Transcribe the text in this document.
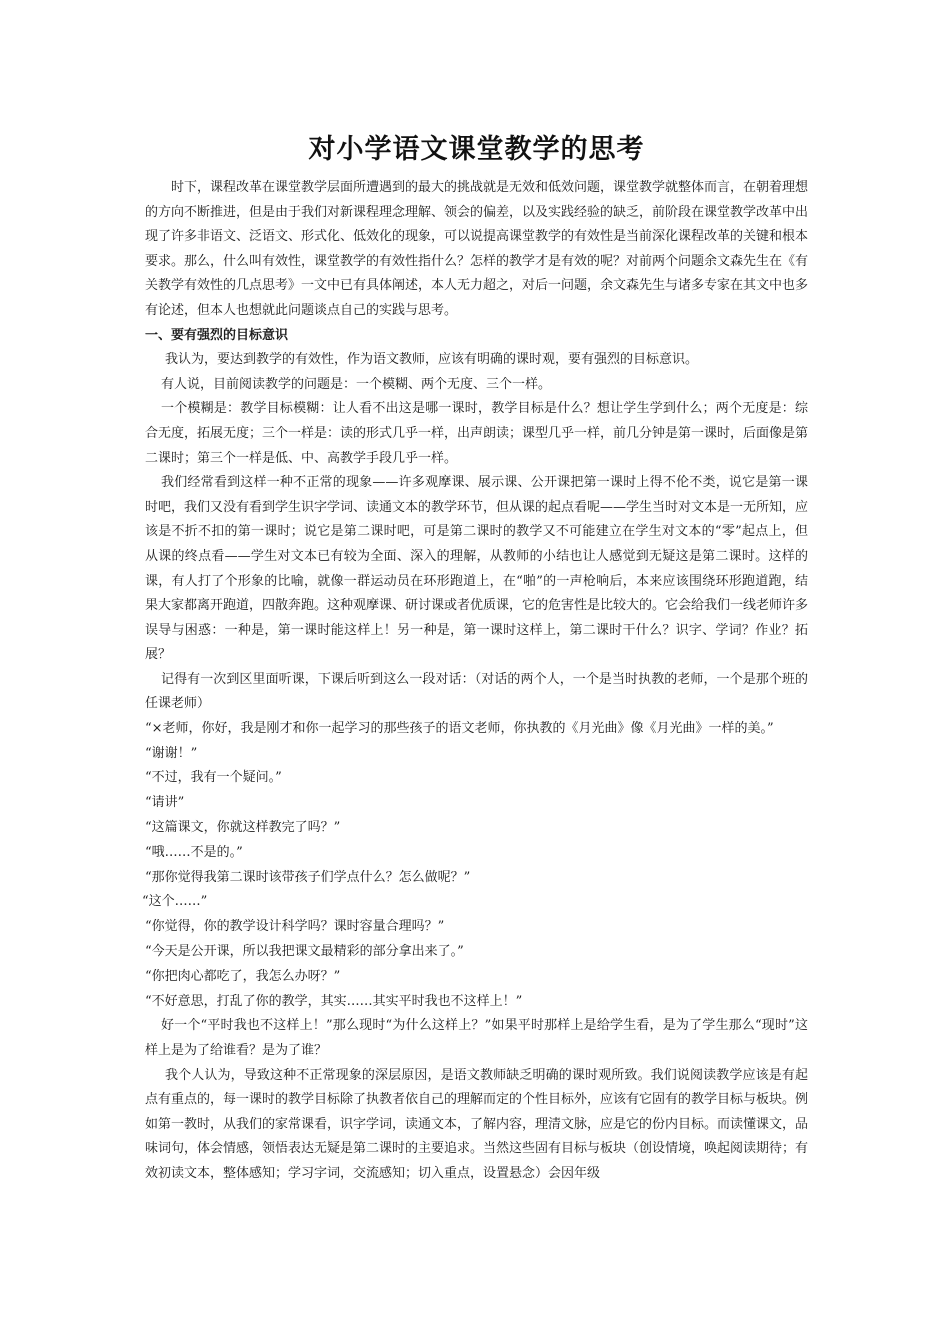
对小学语文课堂教学的思考

时下，课程改革在课堂教学层面所遭遇到的最大的挑战就是无效和低效问题，课堂教学就整体而言，在朝着理想的方向不断推进，但是由于我们对新课程理念理解、领会的偏差，以及实践经验的缺乏，前阶段在课堂教学改革中出现了许多非语文、泛语文、形式化、低效化的现象，可以说提高课堂教学的有效性是当前深化课程改革的关键和根本要求。那么，什么叫有效性，课堂教学的有效性指什么？怎样的教学才是有效的呢？对前两个问题余文森先生在《有关教学有效性的几点思考》一文中已有具体阐述，本人无力超之，对后一问题，余文森先生与诸多专家在其文中也多有论述，但本人也想就此问题谈点自己的实践与思考。

一、要有强烈的目标意识

我认为，要达到教学的有效性，作为语文教师，应该有明确的课时观，要有强烈的目标意识。

有人说，目前阅读教学的问题是：一个模糊、两个无度、三个一样。

一个模糊是：教学目标模糊：让人看不出这是哪一课时，教学目标是什么？想让学生学到什么；两个无度是：综合无度，拓展无度；三个一样是：读的形式几乎一样，出声朗读；课型几乎一样，前几分钟是第一课时，后面像是第二课时；第三个一样是低、中、高教学手段几乎一样。

我们经常看到这样一种不正常的现象——许多观摩课、展示课、公开课把第一课时上得不伦不类，说它是第一课时吧，我们又没有看到学生识字学词、读通文本的教学环节，但从课的起点看呢——学生当时对文本是一无所知，应该是不折不扣的第一课时；说它是第二课时吧，可是第二课时的教学又不可能建立在学生对文本的“零”起点上，但从课的终点看——学生对文本已有较为全面、深入的理解，从教师的小结也让人感觉到无疑这是第二课时。这样的课，有人打了个形象的比喻，就像一群运动员在环形跑道上，在“啪”的一声枪响后，本来应该围绕环形跑道跑，结果大家都离开跑道，四散奔跑。这种观摩课、研讨课或者优质课，它的危害性是比较大的。它会给我们一线老师许多误导与困惑：一种是，第一课时能这样上！另一种是，第一课时这样上，第二课时干什么？识字、学词？作业？拓展？

记得有一次到区里面听课，下课后听到这么一段对话：（对话的两个人，一个是当时执教的老师，一个是那个班的任课老师）

“×老师，你好，我是刚才和你一起学习的那些孩子的语文老师，你执教的《月光曲》像《月光曲》一样的美。”

“谢谢！”

“不过，我有一个疑问。”

“请讲”

“这篇课文，你就这样教完了吗？”

“哦……不是的。”

“那你觉得我第二课时该带孩子们学点什么？怎么做呢？”

“这个……”

“你觉得，你的教学设计科学吗？课时容量合理吗？”

“今天是公开课，所以我把课文最精彩的部分拿出来了。”

“你把肉心都吃了，我怎么办呀？”

“不好意思，打乱了你的教学，其实……其实平时我也不这样上！”

好一个“平时我也不这样上！”那么现时“为什么这样上？”如果平时那样上是给学生看，是为了学生那么“现时”这样上是为了给谁看？是为了谁？

我个人认为，导致这种不正常现象的深层原因，是语文教师缺乏明确的课时观所致。我们说阅读教学应该是有起点有重点的，每一课时的教学目标除了执教者依自己的理解而定的个性目标外，应该有它固有的教学目标与板块。例如第一教时，从我们的家常课看，识字学词，读通文本，了解内容，理清文脉，应是它的份内目标。而读懂课文，品味词句，体会情感，领悟表达无疑是第二课时的主要追求。当然这些固有目标与板块（创设情境，唤起阅读期待；有效初读文本，整体感知；学习字词，交流感知；切入重点，设置悬念）会因年级
